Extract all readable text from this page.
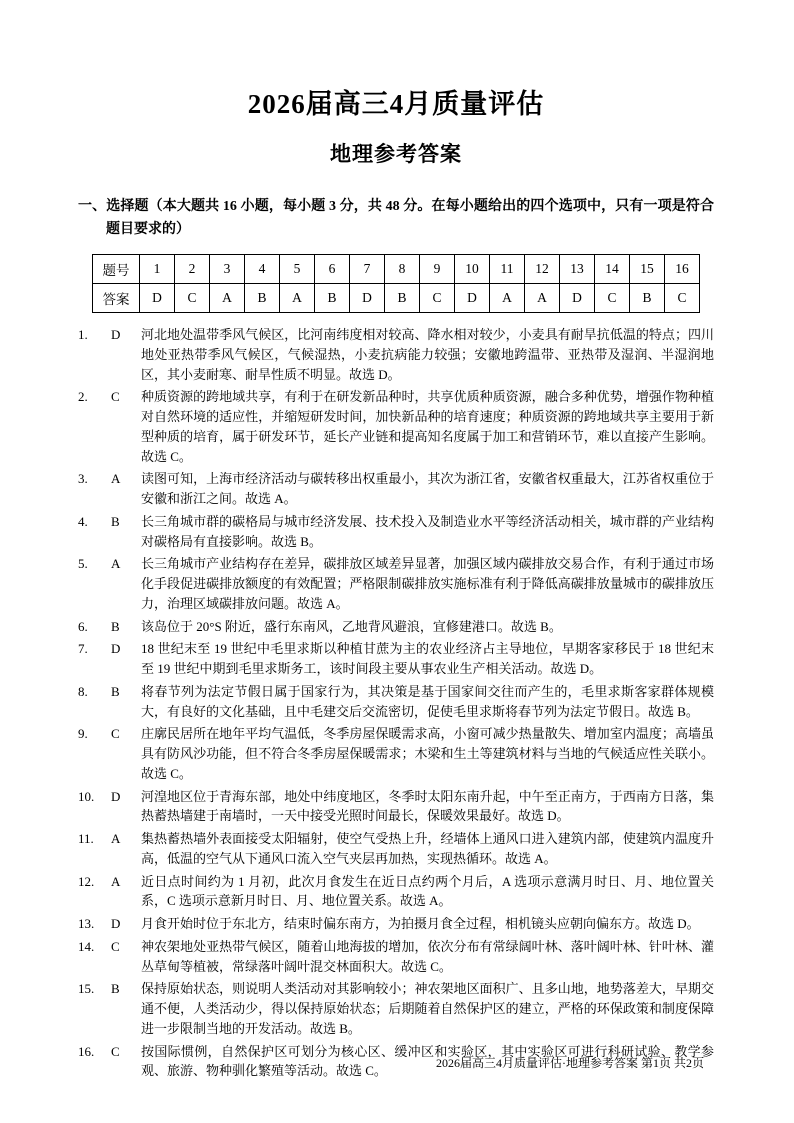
2026届高三4月质量评估
地理参考答案
一、选择题（本大题共 16 小题，每小题 3 分，共 48 分。在每小题给出的四个选项中，只有一项是符合题目要求的）
题号	1	2	3	4	5	6	7	8	9	10	11	12	13	14	15	16
答案	D	C	A	B	A	B	D	B	C	D	A	A	D	C	B	C
1.	D	河北地处温带季风气候区，比河南纬度相对较高、降水相对较少，小麦具有耐旱抗低温的特点；四川地处亚热带季风气候区，气候湿热，小麦抗病能力较强；安徽地跨温带、亚热带及湿润、半湿润地区，其小麦耐寒、耐旱性质不明显。故选 D。
2.	C	种质资源的跨地域共享，有利于在研发新品种时，共享优质种质资源，融合多种优势，增强作物种植对自然环境的适应性，并缩短研发时间，加快新品种的培育速度；种质资源的跨地域共享主要用于新型种质的培育，属于研发环节，延长产业链和提高知名度属于加工和营销环节，难以直接产生影响。故选 C。
3.	A	读图可知，上海市经济活动与碳转移出权重最小，其次为浙江省，安徽省权重最大，江苏省权重位于安徽和浙江之间。故选 A。
4.	B	长三角城市群的碳格局与城市经济发展、技术投入及制造业水平等经济活动相关，城市群的产业结构对碳格局有直接影响。故选 B。
5.	A	长三角城市产业结构存在差异，碳排放区域差异显著，加强区域内碳排放交易合作，有利于通过市场化手段促进碳排放额度的有效配置；严格限制碳排放实施标准有利于降低高碳排放量城市的碳排放压力，治理区域碳排放问题。故选 A。
6.	B	该岛位于 20°S 附近，盛行东南风，乙地背风避浪，宜修建港口。故选 B。
7.	D	18 世纪末至 19 世纪中毛里求斯以种植甘蔗为主的农业经济占主导地位，早期客家移民于 18 世纪末至 19 世纪中期到毛里求斯务工，该时间段主要从事农业生产相关活动。故选 D。
8.	B	将春节列为法定节假日属于国家行为，其决策是基于国家间交往而产生的，毛里求斯客家群体规模大，有良好的文化基础，且中毛建交后交流密切，促使毛里求斯将春节列为法定节假日。故选 B。
9.	C	庄廓民居所在地年平均气温低，冬季房屋保暖需求高，小窗可减少热量散失、增加室内温度；高墙虽具有防风沙功能，但不符合冬季房屋保暖需求；木梁和生土等建筑材料与当地的气候适应性关联小。故选 C。
10.	D	河湟地区位于青海东部，地处中纬度地区，冬季时太阳东南升起，中午至正南方，于西南方日落，集热蓄热墙建于南墙时，一天中接受光照时间最长，保暖效果最好。故选 D。
11.	A	集热蓄热墙外表面接受太阳辐射，使空气受热上升，经墙体上通风口进入建筑内部，使建筑内温度升高，低温的空气从下通风口流入空气夹层再加热，实现热循环。故选 A。
12.	A	近日点时间约为 1 月初，此次月食发生在近日点约两个月后，A 选项示意满月时日、月、地位置关系，C 选项示意新月时日、月、地位置关系。故选 A。
13.	D	月食开始时位于东北方，结束时偏东南方，为拍摄月食全过程，相机镜头应朝向偏东方。故选 D。
14.	C	神农架地处亚热带气候区，随着山地海拔的增加，依次分布有常绿阔叶林、落叶阔叶林、针叶林、灌丛草甸等植被，常绿落叶阔叶混交林面积大。故选 C。
15.	B	保持原始状态，则说明人类活动对其影响较小；神农架地区面积广、且多山地，地势落差大，早期交通不便，人类活动少，得以保持原始状态；后期随着自然保护区的建立，严格的环保政策和制度保障进一步限制当地的开发活动。故选 B。
16.	C	按国际惯例，自然保护区可划分为核心区、缓冲区和实验区，其中实验区可进行科研试验、教学参观、旅游、物种驯化繁殖等活动。故选 C。
2026届高三4月质量评估·地理参考答案 第1页 共2页
